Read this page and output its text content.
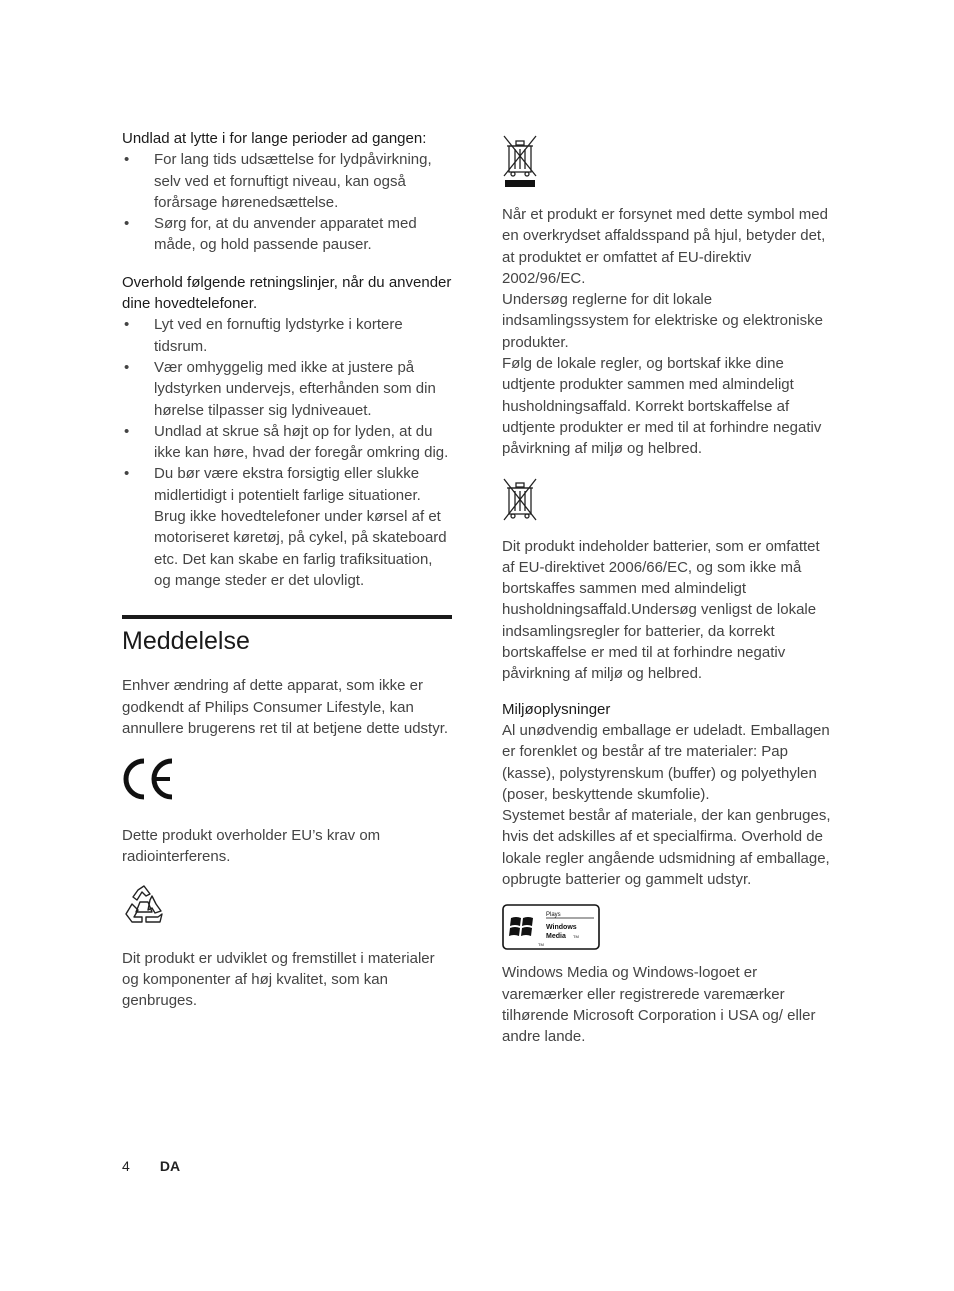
Undlad at lytte i for lange perioder ad gangen:

• For lang tids udsættelse for lydpåvirkning, selv ved et fornuftigt niveau, kan også forårsage hørenedsættelse.
• Sørg for, at du anvender apparatet med måde, og hold passende pauser.

Overhold følgende retningslinjer, når du anvender dine hovedtelefoner.

• Lyt ved en fornuftig lydstyrke i kortere tidsrum.
• Vær omhyggelig med ikke at justere på lydstyrken undervejs, efterhånden som din hørelse tilpasser sig lydniveauet.
• Undlad at skrue så højt op for lyden, at du ikke kan høre, hvad der foregår omkring dig.
• Du bør være ekstra forsigtig eller slukke midlertidigt i potentielt farlige situationer. Brug ikke hovedtelefoner under kørsel af et motoriseret køretøj, på cykel, på skateboard etc. Det kan skabe en farlig trafiksituation, og mange steder er det ulovligt.
Meddelelse

Enhver ændring af dette apparat, som ikke er godkendt af Philips Consumer Lifestyle, kan annullere brugerens ret til at betjene dette udstyr.

Dette produkt overholder EU’s krav om radiointerferens.

Dit produkt er udviklet og fremstillet i materialer og komponenter af høj kvalitet, som kan genbruges.

Når et produkt er forsynet med dette symbol med en overkrydset affaldsspand på hjul, betyder det, at produktet er omfattet af EU-direktiv 2002/96/EC.

Undersøg reglerne for dit lokale indsamlingssystem for elektriske og elektroniske produkter.

Følg de lokale regler, og bortskaf ikke dine udtjente produkter sammen med almindeligt husholdningsaffald. Korrekt bortskaffelse af udtjente produkter er med til at forhindre negativ påvirkning af miljø og helbred.

Dit produkt indeholder batterier, som er omfattet af EU-direktivet 2006/66/EC, og som ikke må bortskaffes sammen med almindeligt husholdningsaffald.Undersøg venligst de lokale indsamlingsregler for batterier, da korrekt bortskaffelse er med til at forhindre negativ påvirkning af miljø og helbred.

Miljøoplysninger

Al unødvendig emballage er udeladt. Emballagen er forenklet og består af tre materialer: Pap (kasse), polystyrenskum (buffer) og polyethylen (poser, beskyttende skumfolie).

Systemet består af materiale, der kan genbruges, hvis det adskilles af et specialfirma. Overhold de lokale regler angående udsmidning af emballage, opbrugte batterier og gammelt udstyr.

Plays
Windows
Media TM
TM

Windows Media og Windows-logoet er varemærker eller registrerede varemærker tilhørende Microsoft Corporation i USA og/ eller andre lande.

4 DA
